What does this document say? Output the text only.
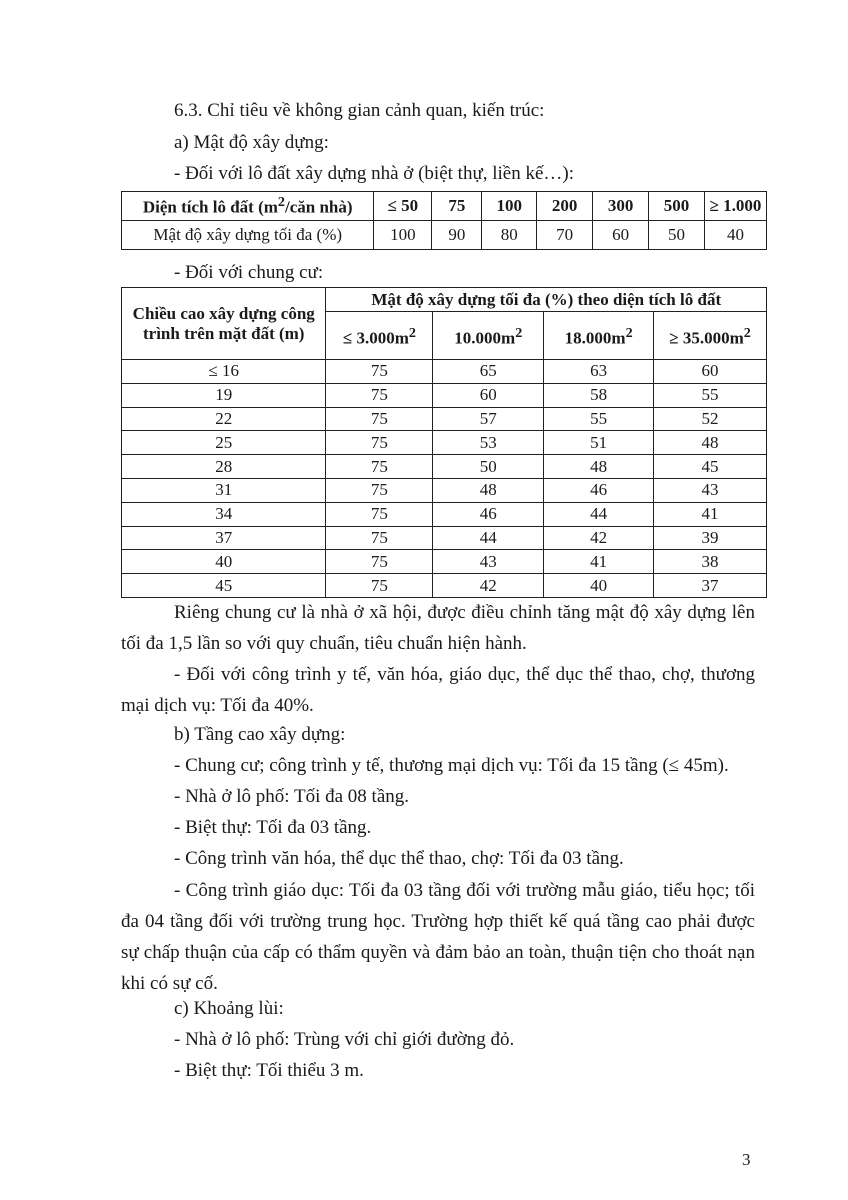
6.3. Chỉ tiêu về không gian cảnh quan, kiến trúc:
a) Mật độ xây dựng:
- Đối với lô đất xây dựng nhà ở (biệt thự, liền kế…):
Diện tích lô đất ($m^2$/căn nhà)	≤ 50	75	100	200	300	500	≥ 1.000
Mật độ xây dựng tối đa (%)	100	90	80	70	60	50	40
- Đối với chung cư:
Chiều cao xây dựng công trình trên mặt đất (m)	Mật độ xây dựng tối đa (%) theo diện tích lô đất			
	≤ $3.000m^2$	$10.000m^2$	$18.000m^2$	≥ $35.000m^2$
≤ 16	75	65	63	60
19	75	60	58	55
22	75	57	55	52
25	75	53	51	48
28	75	50	48	45
31	75	48	46	43
34	75	46	44	41
37	75	44	42	39
40	75	43	41	38
45	75	42	40	37
Riêng chung cư là nhà ở xã hội, được điều chỉnh tăng mật độ xây dựng lên tối đa 1,5 lần so với quy chuẩn, tiêu chuẩn hiện hành.
- Đối với công trình y tế, văn hóa, giáo dục, thể dục thể thao, chợ, thương mại dịch vụ: Tối đa 40%.
b) Tầng cao xây dựng:
- Chung cư; công trình y tế, thương mại dịch vụ: Tối đa 15 tầng (≤ 45m).
- Nhà ở lô phố: Tối đa 08 tầng.
- Biệt thự: Tối đa 03 tầng.
- Công trình văn hóa, thể dục thể thao, chợ: Tối đa 03 tầng.
- Công trình giáo dục: Tối đa 03 tầng đối với trường mẫu giáo, tiểu học; tối đa 04 tầng đối với trường trung học. Trường hợp thiết kế quá tầng cao phải được sự chấp thuận của cấp có thẩm quyền và đảm bảo an toàn, thuận tiện cho thoát nạn khi có sự cố.
c) Khoảng lùi:
- Nhà ở lô phố: Trùng với chỉ giới đường đỏ.
- Biệt thự: Tối thiểu 3 m.
3
